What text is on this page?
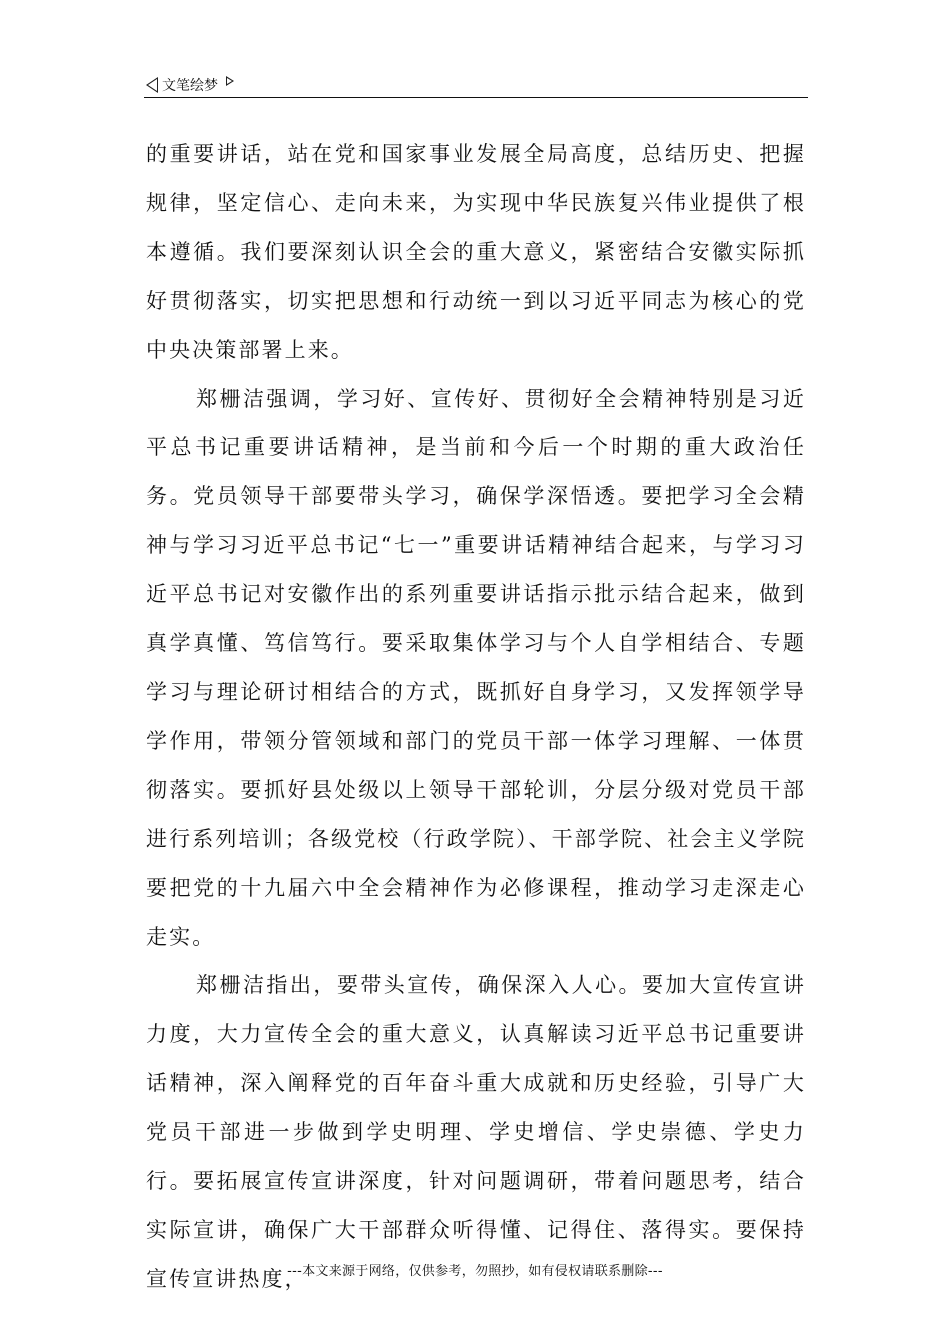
文笔绘梦

的重要讲话，站在党和国家事业发展全局高度，总结历史、把握规律，坚定信心、走向未来，为实现中华民族复兴伟业提供了根本遵循。我们要深刻认识全会的重大意义，紧密结合安徽实际抓好贯彻落实，切实把思想和行动统一到以习近平同志为核心的党中央决策部署上来。

郑栅洁强调，学习好、宣传好、贯彻好全会精神特别是习近平总书记重要讲话精神，是当前和今后一个时期的重大政治任务。党员领导干部要带头学习，确保学深悟透。要把学习全会精神与学习习近平总书记“七一”重要讲话精神结合起来，与学习习近平总书记对安徽作出的系列重要讲话指示批示结合起来，做到真学真懂、笃信笃行。要采取集体学习与个人自学相结合、专题学习与理论研讨相结合的方式，既抓好自身学习，又发挥领学导学作用，带领分管领域和部门的党员干部一体学习理解、一体贯彻落实。要抓好县处级以上领导干部轮训，分层分级对党员干部进行系列培训；各级党校（行政学院）、干部学院、社会主义学院要把党的十九届六中全会精神作为必修课程，推动学习走深走心走实。

郑栅洁指出，要带头宣传，确保深入人心。要加大宣传宣讲力度，大力宣传全会的重大意义，认真解读习近平总书记重要讲话精神，深入阐释党的百年奋斗重大成就和历史经验，引导广大党员干部进一步做到学史明理、学史增信、学史崇德、学史力行。要拓展宣传宣讲深度，针对问题调研，带着问题思考，结合实际宣讲，确保广大干部群众听得懂、记得住、落得实。要保持宣传宣讲热度，

---本文来源于网络，仅供参考，勿照抄，如有侵权请联系删除---
